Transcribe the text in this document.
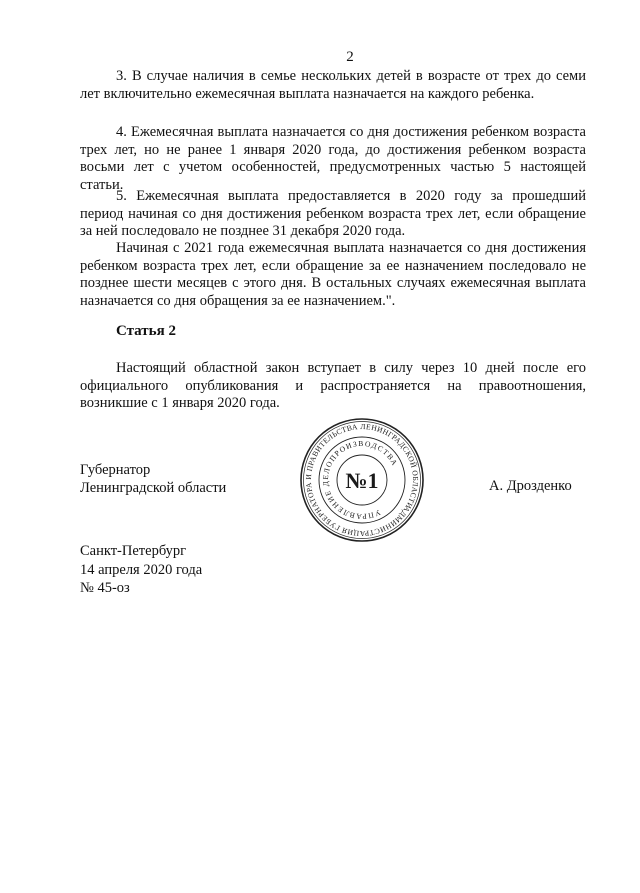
2

3. В случае наличия в семье нескольких детей в возрасте от трех до семи лет включительно ежемесячная выплата назначается на каждого ребенка.

4. Ежемесячная выплата назначается со дня достижения ребенком возраста трех лет, но не ранее 1 января 2020 года, до достижения ребенком возраста восьми лет с учетом особенностей, предусмотренных частью 5 настоящей статьи.

5. Ежемесячная выплата предоставляется в 2020 году за прошедший период начиная со дня достижения ребенком возраста трех лет, если обращение за ней последовало не позднее 31 декабря 2020 года.

Начиная с 2021 года ежемесячная выплата назначается со дня достижения ребенком возраста трех лет, если обращение за ее назначением последовало не позднее шести месяцев с этого дня. В остальных случаях ежемесячная выплата назначается со дня обращения за ее назначением.".

Статья 2

Настоящий областной закон вступает в силу через 10 дней после его официального опубликования и распространяется на правоотношения, возникшие с 1 января 2020 года.

Губернатор
Ленинградской области
АДМИНИСТРАЦИЯ ГУБЕРНАТОРА И ПРАВИТЕЛЬСТВА ЛЕНИНГРАДСКОЙ ОБЛАСТИ
УПРАВЛЕНИЕ ДЕЛОПРОИЗВОДСТВА
№1	А. Дрозденко
Санкт-Петербург
14 апреля 2020 года
№ 45-оз
